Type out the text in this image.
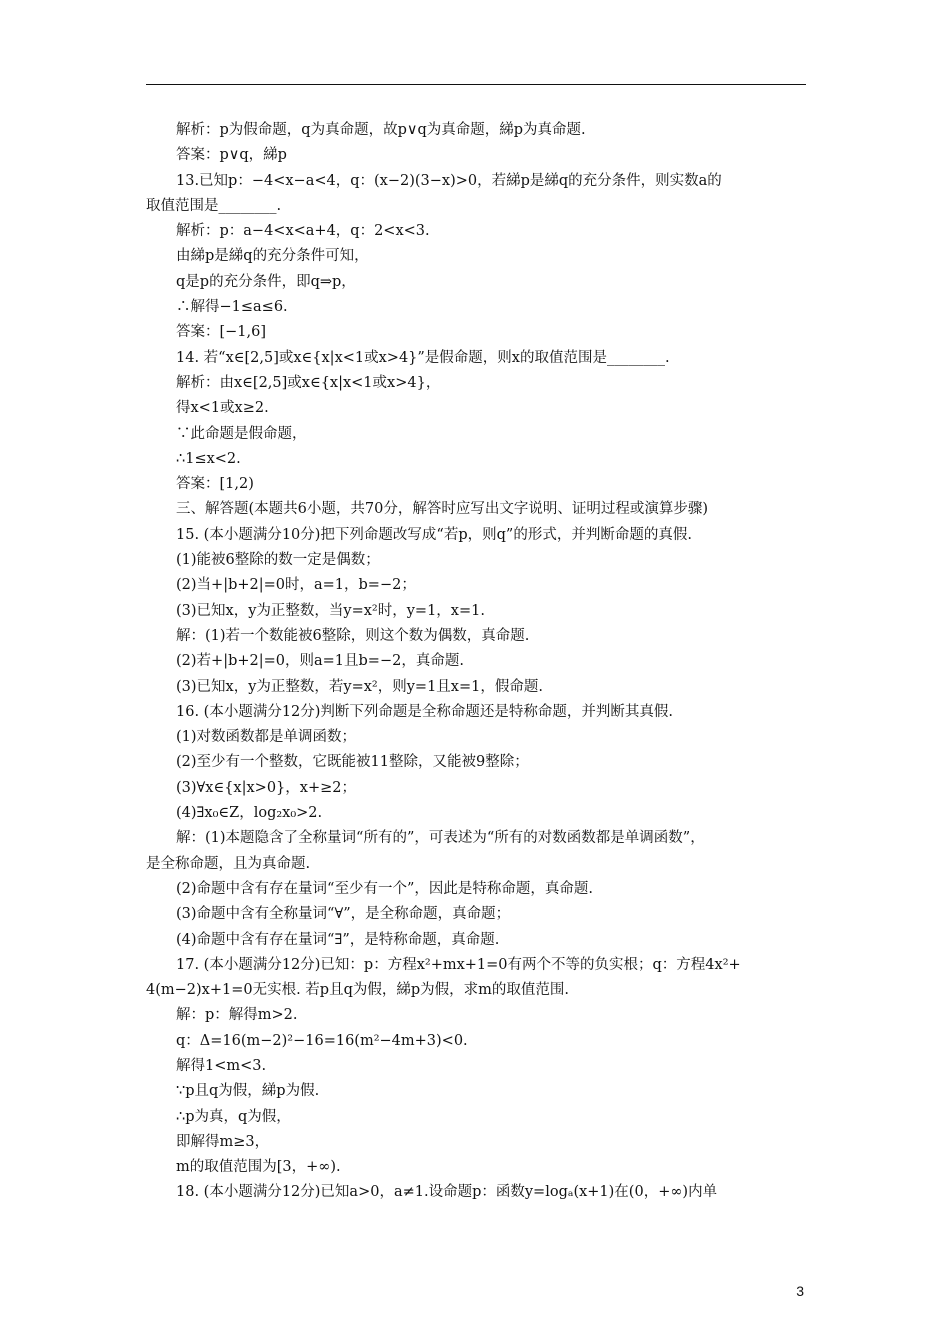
解析：p为假命题，q为真命题，故p∨q为真命题，綈p为真命题.
答案：p∨q，綈p
13.已知p：−4<x−a<4，q：(x−2)(3−x)>0，若綈p是綈q的充分条件，则实数a的
取值范围是________.
解析：p：a−4<x<a+4，q：2<x<3.
由綈p是綈q的充分条件可知，
q是p的充分条件，即q⇒p，
∴解得−1≤a≤6.
答案：[−1,6]
14. 若“x∈[2,5]或x∈{x|x<1或x>4}”是假命题，则x的取值范围是________.
解析：由x∈[2,5]或x∈{x|x<1或x>4}，
得x<1或x≥2.
∵此命题是假命题，
∴1≤x<2.
答案：[1,2)
三、解答题(本题共6小题，共70分，解答时应写出文字说明、证明过程或演算步骤)
15. (本小题满分10分)把下列命题改写成“若p，则q”的形式，并判断命题的真假.
(1)能被6整除的数一定是偶数；
(2)当+|b+2|=0时，a=1，b=−2；
(3)已知x，y为正整数，当y=x²时，y=1，x=1.
解：(1)若一个数能被6整除，则这个数为偶数，真命题.
(2)若+|b+2|=0，则a=1且b=−2，真命题.
(3)已知x，y为正整数，若y=x²，则y=1且x=1，假命题.
16. (本小题满分12分)判断下列命题是全称命题还是特称命题，并判断其真假.
(1)对数函数都是单调函数；
(2)至少有一个整数，它既能被11整除，又能被9整除；
(3)∀x∈{x|x>0}，x+≥2；
(4)∃x₀∈Z，log₂x₀>2.
解：(1)本题隐含了全称量词“所有的”，可表述为“所有的对数函数都是单调函数”，
是全称命题，且为真命题.
(2)命题中含有存在量词“至少有一个”，因此是特称命题，真命题.
(3)命题中含有全称量词“∀”，是全称命题，真命题；
(4)命题中含有存在量词“∃”，是特称命题，真命题.
17. (本小题满分12分)已知：p：方程x²+mx+1=0有两个不等的负实根；q：方程4x²+
4(m−2)x+1=0无实根. 若p且q为假，綈p为假，求m的取值范围.
解：p：解得m>2.
q：Δ=16(m−2)²−16=16(m²−4m+3)<0.
解得1<m<3.
∵p且q为假，綈p为假.
∴p为真，q为假，
即解得m≥3，
m的取值范围为[3，+∞).
18. (本小题满分12分)已知a>0，a≠1.设命题p：函数y=logₐ(x+1)在(0，+∞)内单
3
